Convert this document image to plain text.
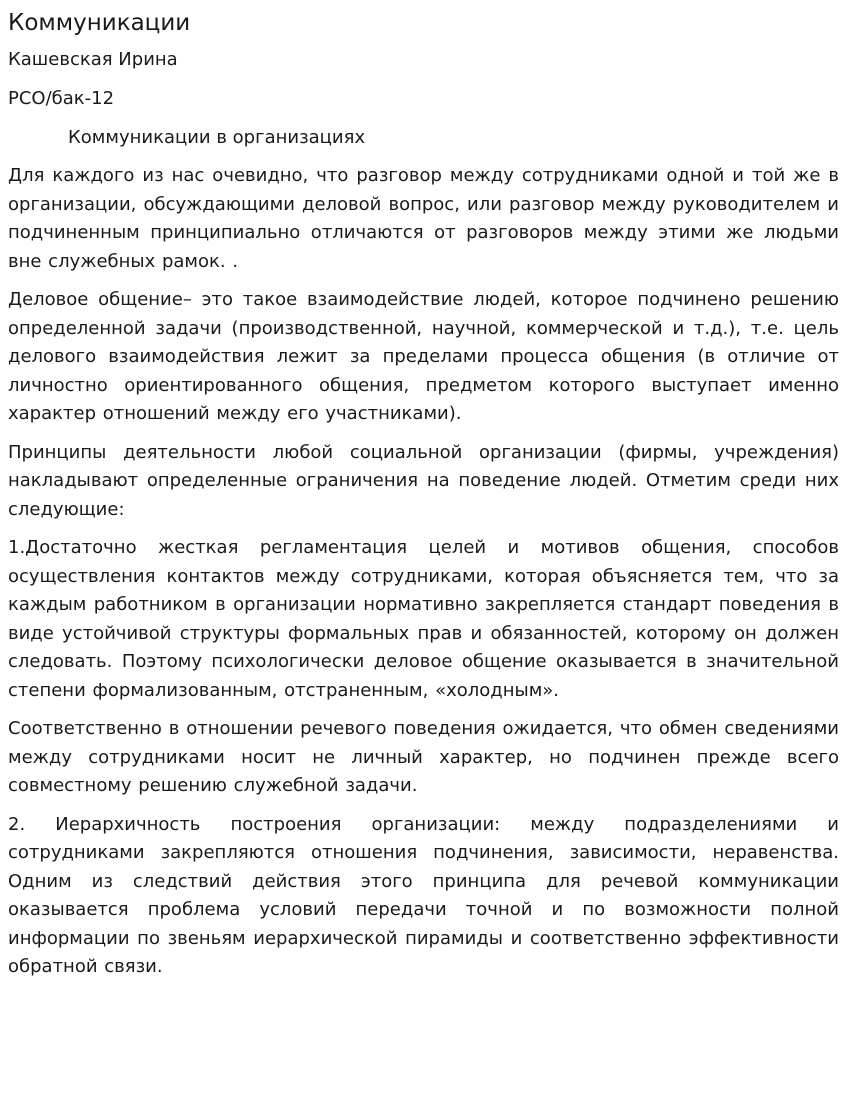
Коммуникации

Кашевская Ирина

РСО/бак-12

Коммуникации в организациях

Для каждого из нас очевидно, что разговор между сотрудниками одной и той же в организации, обсуждающими деловой вопрос, или разговор между руководителем и подчиненным принципиально отличаются от разговоров между этими же людьми вне служебных рамок. .

Деловое общение– это такое взаимодействие людей, которое подчинено решению определенной задачи (производственной, научной, коммерческой и т.д.), т.е. цель делового взаимодействия лежит за пределами процесса общения (в отличие от личностно ориентированного общения, предметом которого выступает именно характер отношений между его участниками).

Принципы деятельности любой социальной организации (фирмы, учреждения) накладывают определенные ограничения на поведение людей. Отметим среди них следующие:

1.Достаточно жесткая регламентация целей и мотивов общения, способов осуществления контактов между сотрудниками, которая объясняется тем, что за каждым работником в организации нормативно закрепляется стандарт поведения в виде устойчивой структуры формальных прав и обязанностей, которому он должен следовать. Поэтому психологически деловое общение оказывается в значительной степени формализованным, отстраненным, «холодным».

Соответственно в отношении речевого поведения ожидается, что обмен сведениями между сотрудниками носит не личный характер, но подчинен прежде всего совместному решению служебной задачи.

2. Иерархичность построения организации: между подразделениями и сотрудниками закрепляются отношения подчинения, зависимости, неравенства. Одним из следствий действия этого принципа для речевой коммуникации оказывается проблема условий передачи точной и по возможности полной информации по звеньям иерархической пирамиды и соответственно эффективности обратной связи.
